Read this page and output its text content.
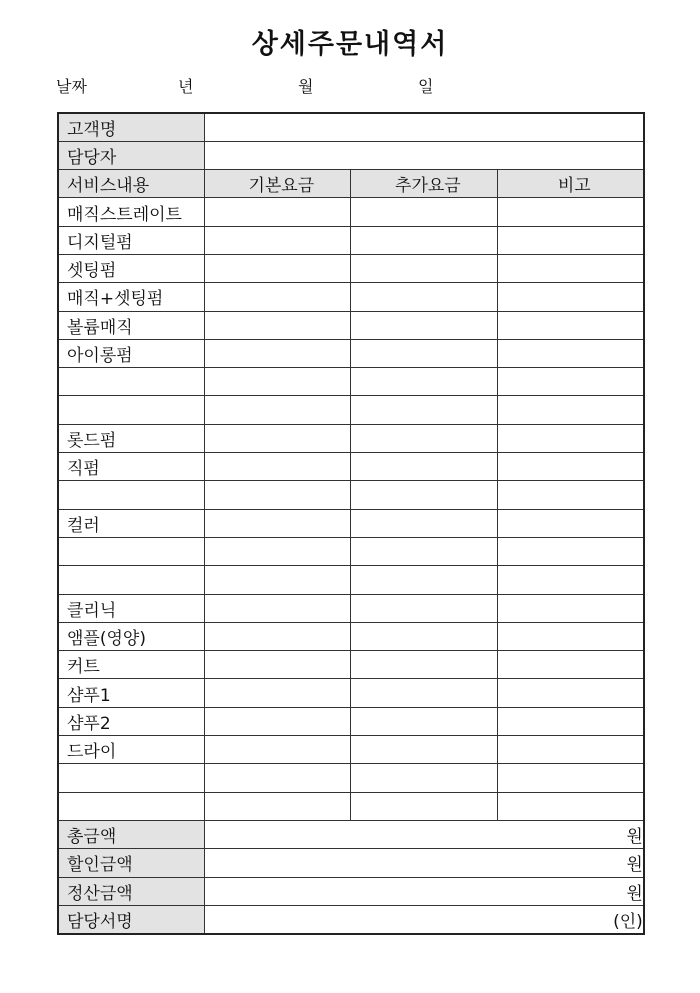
상세주문내역서
날짜	년	월	일
고객명			
담당자			
서비스내용	기본요금	추가요금	비고
매직스트레이트			
디지털펌			
셋팅펌			
매직+셋팅펌			
볼륨매직			
아이롱펌			

롯드펌			
직펌			

컬러			

클리닉			
앰플(영양)			
커트			
샴푸1			
샴푸2			
드라이			

총금액	원		
할인금액	원		
정산금액	원		
담당서명	(인)		
